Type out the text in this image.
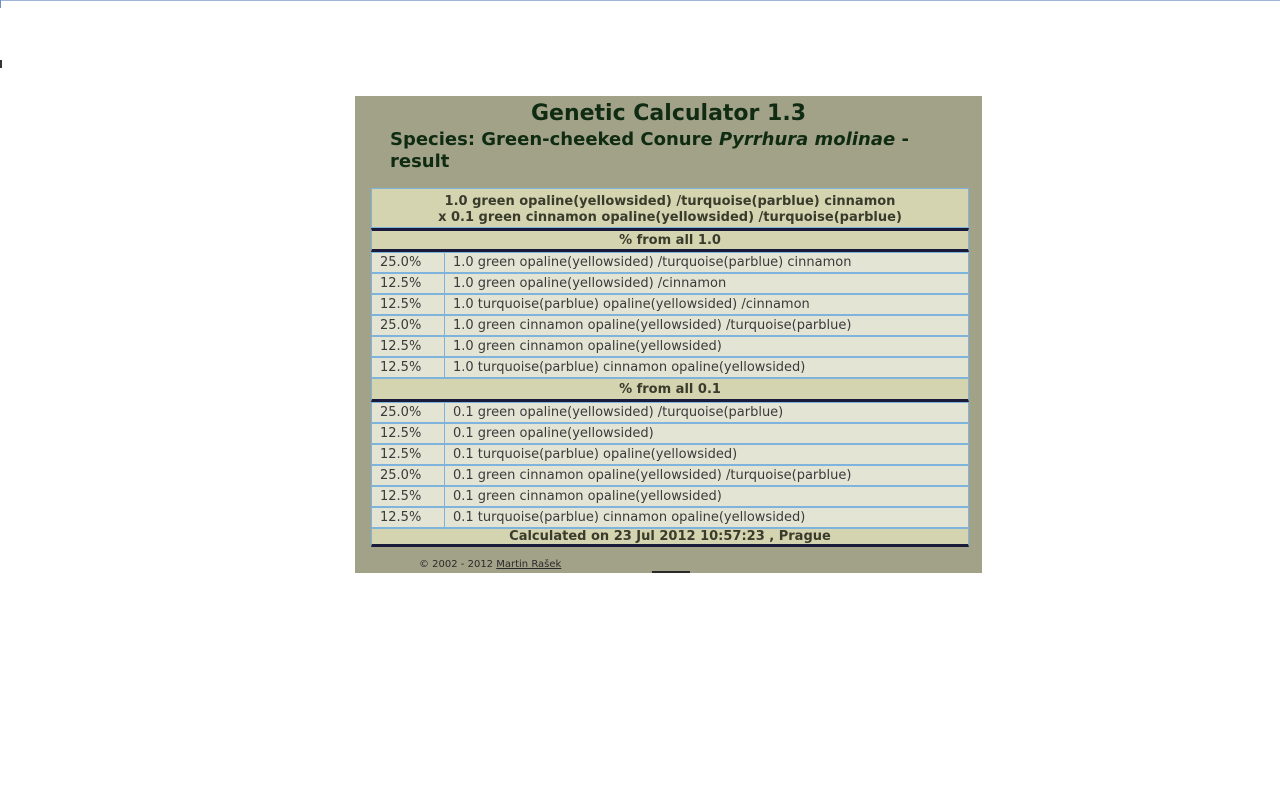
Genetic Calculator 1.3
Species: Green-cheeked Conure Pyrrhura molinae -
result
1.0 green opaline(yellowsided) /turquoise(parblue) cinnamon
x 0.1 green cinnamon opaline(yellowsided) /turquoise(parblue)
% from all 1.0
25.0%	1.0 green opaline(yellowsided) /turquoise(parblue) cinnamon
12.5%	1.0 green opaline(yellowsided) /cinnamon
12.5%	1.0 turquoise(parblue) opaline(yellowsided) /cinnamon
25.0%	1.0 green cinnamon opaline(yellowsided) /turquoise(parblue)
12.5%	1.0 green cinnamon opaline(yellowsided)
12.5%	1.0 turquoise(parblue) cinnamon opaline(yellowsided)
% from all 0.1
25.0%	0.1 green opaline(yellowsided) /turquoise(parblue)
12.5%	0.1 green opaline(yellowsided)
12.5%	0.1 turquoise(parblue) opaline(yellowsided)
25.0%	0.1 green cinnamon opaline(yellowsided) /turquoise(parblue)
12.5%	0.1 green cinnamon opaline(yellowsided)
12.5%	0.1 turquoise(parblue) cinnamon opaline(yellowsided)
Calculated on 23 Jul 2012 10:57:23 , Prague
© 2002 - 2012 Martin Rašek
